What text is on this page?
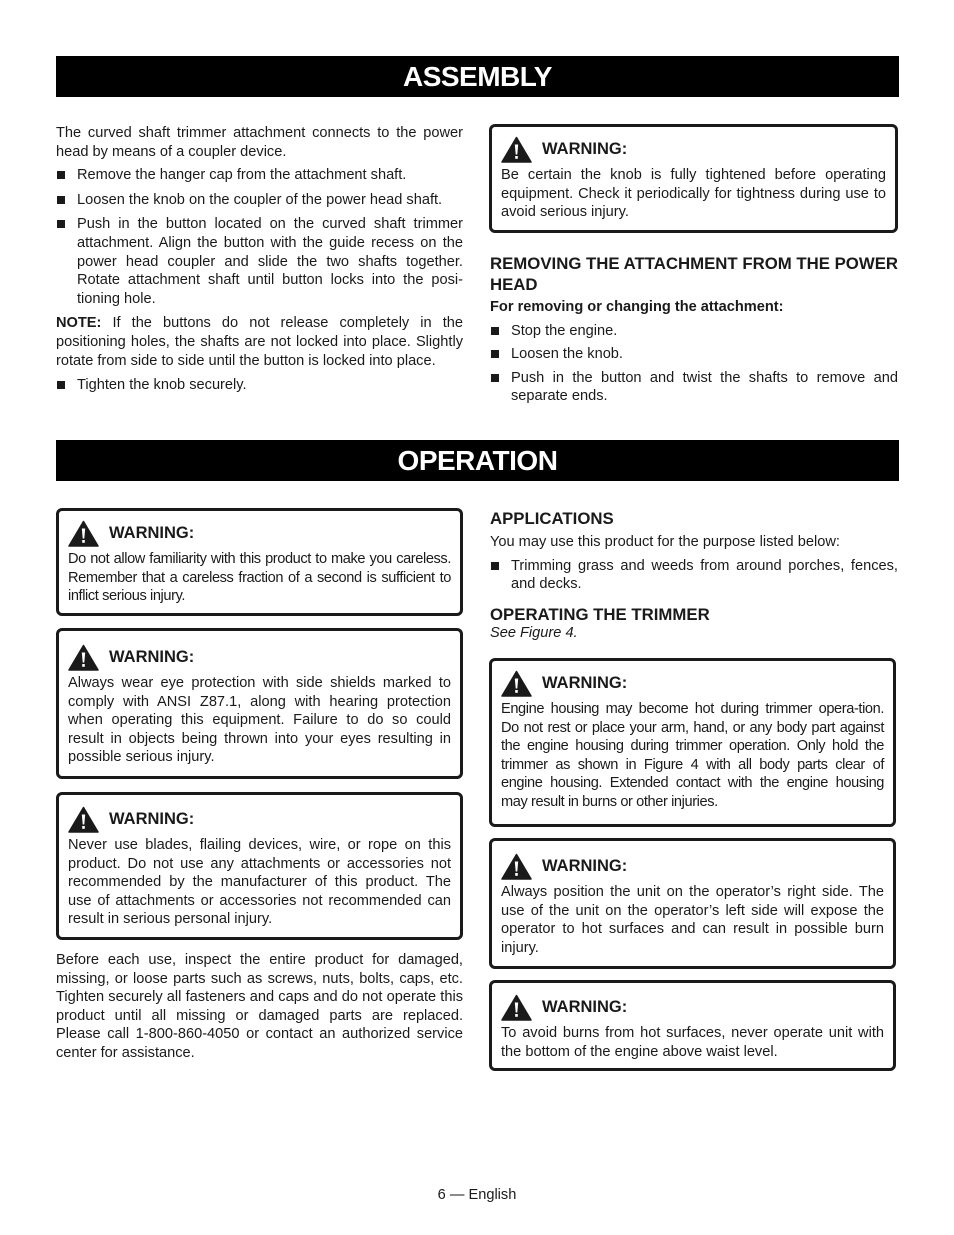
ASSEMBLY

The curved shaft trimmer attachment connects to the power head by means of a coupler device.

Remove the hanger cap from the attachment shaft.
Loosen the knob on the coupler of the power head shaft.
Push in the button located on the curved shaft trimmer attachment. Align the button with the guide recess on the power head coupler and slide the two shafts together. Rotate attachment shaft until button locks into the posi-tioning hole.

NOTE: If the buttons do not release completely in the positioning holes, the shafts are not locked into place. Slightly rotate from side to side until the button is locked into place.

Tighten the knob securely.
WARNING:

Be certain the knob is fully tightened before operating equipment. Check it periodically for tightness during use to avoid serious injury.

REMOVING THE ATTACHMENT FROM THE POWER HEAD

For removing or changing the attachment:

Stop the engine.
Loosen the knob.
Push in the button and twist the shafts to remove and separate ends.
OPERATION
WARNING:

Do not allow familiarity with this product to make you careless. Remember that a careless fraction of a second is sufficient to inflict serious injury.

WARNING:

Always wear eye protection with side shields marked to comply with ANSI Z87.1, along with hearing protection when operating this equipment. Failure to do so could result in objects being thrown into your eyes resulting in possible serious injury.

WARNING:

Never use blades, flailing devices, wire, or rope on this product. Do not use any attachments or accessories not recommended by the manufacturer of this product. The use of attachments or accessories not recommended can result in serious personal injury.

Before each use, inspect the entire product for damaged, missing, or loose parts such as screws, nuts, bolts, caps, etc. Tighten securely all fasteners and caps and do not operate this product until all missing or damaged parts are replaced. Please call 1-800-860-4050 or contact an authorized service center for assistance.

APPLICATIONS

You may use this product for the purpose listed below:

Trimming grass and weeds from around porches, fences, and decks.
OPERATING THE TRIMMER

See Figure 4.

WARNING:

Engine housing may become hot during trimmer opera-tion. Do not rest or place your arm, hand, or any body part against the engine housing during trimmer operation. Only hold the trimmer as shown in Figure 4 with all body parts clear of engine housing. Extended contact with the engine housing may result in burns or other injuries.

WARNING:

Always position the unit on the operator’s right side. The use of the unit on the operator’s left side will expose the operator to hot surfaces and can result in possible burn injury.

WARNING:

To avoid burns from hot surfaces, never operate unit with the bottom of the engine above waist level.

6 — English
